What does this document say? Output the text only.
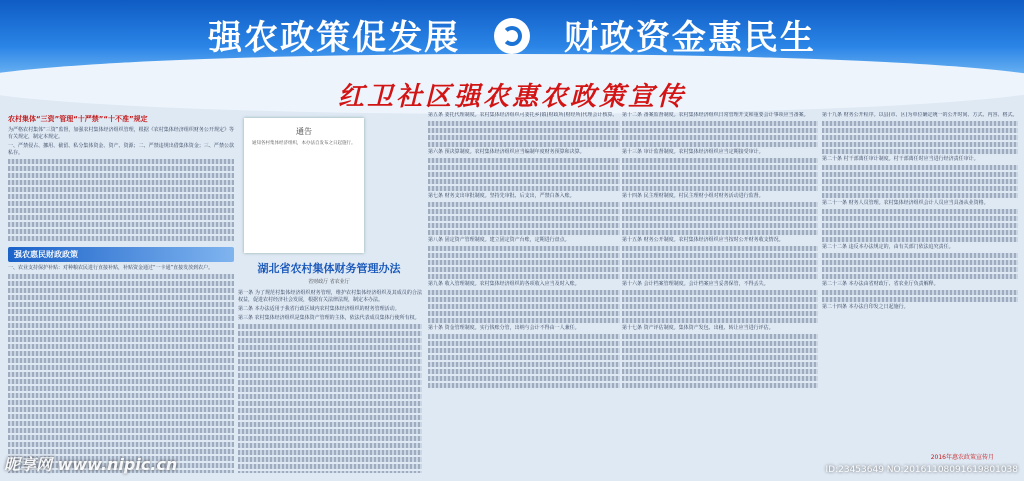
强农政策促发展	财政资金惠民生
红卫社区强农惠农政策宣传
农村集体“三资”管理“十严禁”“十不准”规定

为严格农村集体“三资”监督，加强农村集体经济组织管理，根据《农村集体经济组织财务公开规定》等有关规定，制定本规定。

一、严禁侵占、挪用、截留、私分集体资金、资产、资源；二、严禁违规出借集体资金；三、严禁公款私存。

强农惠民财政政策

一、农业支持保护补贴：对种粮农民进行直接补贴，补贴资金通过“一卡通”直接发放到农户。

通告
通知各村集体经济组织，本办法自发布之日起施行。
湖北省农村集体财务管理办法
省财政厅 省农业厅

第一条 为了规范村集体经济组织财务管理，维护农村集体经济组织及其成员的合法权益，促进农村经济社会发展，根据有关法律法规，制定本办法。

第二条 本办法适用于我省行政区域内农村集体经济组织的财务管理活动。

第三条 农村集体经济组织是集体资产管理的主体，依法代表成员集体行使所有权。

第五条 委托代理制度。农村集体经济组织可委托乡(镇)财政所(财经所)代理会计核算。

第六条 预决算制度。农村集体经济组织应当编制年度财务预算和决算。

第七条 财务支出审批制度。坚持先审批、后支出，严禁白条入账。

第八条 固定资产管理制度。建立固定资产台账，定期进行盘点。

第九条 收入管理制度。农村集体经济组织的各项收入应当及时入账。

第十条 资金管理制度。实行钱账分管，出纳与会计不得由一人兼任。

第十二条 备案监督制度。农村集体经济组织日常管理开支和重要会计事项应当备案。

第十三条 审计监督制度。农村集体经济组织应当定期接受审计。

第十四条 民主理财制度。村民主理财小组对财务活动进行监督。

第十五条 财务公开制度。农村集体经济组织应当按时公开财务收支情况。

第十六条 会计档案管理制度。会计档案应当妥善保管，不得丢失。

第十七条 资产评估制度。集体资产发包、出租、转让应当进行评估。

第十九条 财务公开程序。以县(市、区)为单位确定统一的公开时间、方式、内容、格式。

第二十条 村干部离任审计制度。村干部离任时应当进行经济责任审计。

第二十一条 财务人员管理。农村集体经济组织会计人员应当具备从业资格。

第二十二条 违反本办法规定的，由有关部门依法追究责任。

第二十三条 本办法由省财政厅、省农业厅负责解释。

第二十四条 本办法自印发之日起施行。

2016年惠农政策宣传月
昵享网 www.nipic.cn	ID:23453649 NO:20161108091619801038
